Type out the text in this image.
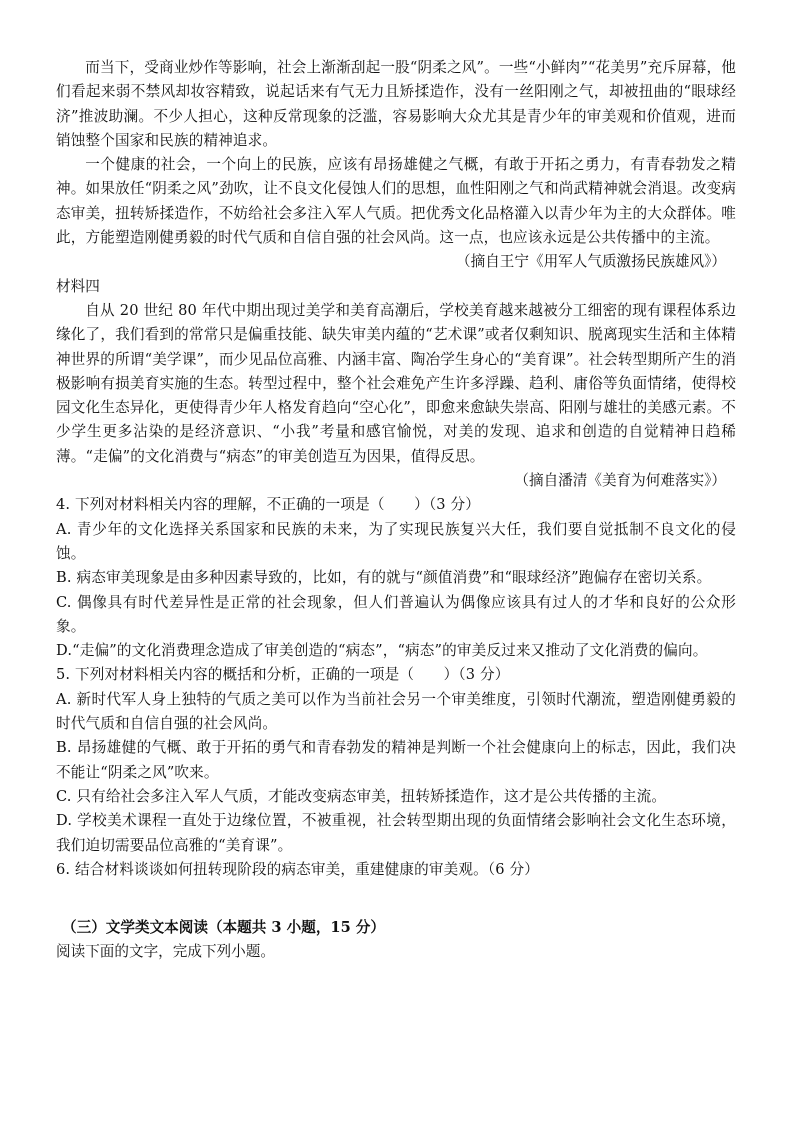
而当下，受商业炒作等影响，社会上渐渐刮起一股“阴柔之风”。一些“小鲜肉”“花美男”充斥屏幕，他们看起来弱不禁风却妆容精致，说起话来有气无力且矫揉造作，没有一丝阳刚之气，却被扭曲的“眼球经济”推波助澜。不少人担心，这种反常现象的泛滥，容易影响大众尤其是青少年的审美观和价值观，进而销蚀整个国家和民族的精神追求。

一个健康的社会，一个向上的民族，应该有昂扬雄健之气概，有敢于开拓之勇力，有青春勃发之精神。如果放任“阴柔之风”劲吹，让不良文化侵蚀人们的思想，血性阳刚之气和尚武精神就会消退。改变病态审美，扭转矫揉造作，不妨给社会多注入军人气质。把优秀文化品格灌入以青少年为主的大众群体。唯此，方能塑造刚健勇毅的时代气质和自信自强的社会风尚。这一点，也应该永远是公共传播中的主流。

（摘自王宁《用军人气质激扬民族雄风》）

材料四

自从 20 世纪 80 年代中期出现过美学和美育高潮后，学校美育越来越被分工细密的现有课程体系边缘化了，我们看到的常常只是偏重技能、缺失审美内蕴的“艺术课”或者仅剩知识、脱离现实生活和主体精神世界的所谓“美学课”，而少见品位高雅、内涵丰富、陶冶学生身心的“美育课”。社会转型期所产生的消极影响有损美育实施的生态。转型过程中，整个社会难免产生许多浮躁、趋利、庸俗等负面情绪，使得校园文化生态异化，更使得青少年人格发育趋向“空心化”，即愈来愈缺失崇高、阳刚与雄壮的美感元素。不少学生更多沾染的是经济意识、“小我”考量和感官愉悦，对美的发现、追求和创造的自觉精神日趋稀薄。“走偏”的文化消费与“病态”的审美创造互为因果，值得反思。

（摘自潘清《美育为何难落实》）

4. 下列对材料相关内容的理解，不正确的一项是（　　）（3 分）

A. 青少年的文化选择关系国家和民族的未来，为了实现民族复兴大任，我们要自觉抵制不良文化的侵蚀。

B. 病态审美现象是由多种因素导致的，比如，有的就与“颜值消费”和“眼球经济”跑偏存在密切关系。

C. 偶像具有时代差异性是正常的社会现象，但人们普遍认为偶像应该具有过人的才华和良好的公众形象。

D.“走偏”的文化消费理念造成了审美创造的“病态”，“病态”的审美反过来又推动了文化消费的偏向。

5. 下列对材料相关内容的概括和分析，正确的一项是（　　）（3 分）

A. 新时代军人身上独特的气质之美可以作为当前社会另一个审美维度，引领时代潮流，塑造刚健勇毅的时代气质和自信自强的社会风尚。

B. 昂扬雄健的气概、敢于开拓的勇气和青春勃发的精神是判断一个社会健康向上的标志，因此，我们决不能让“阴柔之风”吹来。

C. 只有给社会多注入军人气质，才能改变病态审美，扭转矫揉造作，这才是公共传播的主流。

D. 学校美术课程一直处于边缘位置，不被重视，社会转型期出现的负面情绪会影响社会文化生态环境，我们迫切需要品位高雅的“美育课”。

6. 结合材料谈谈如何扭转现阶段的病态审美，重建健康的审美观。（6 分）

（三）文学类文本阅读（本题共 3 小题，15 分）

阅读下面的文字，完成下列小题。
